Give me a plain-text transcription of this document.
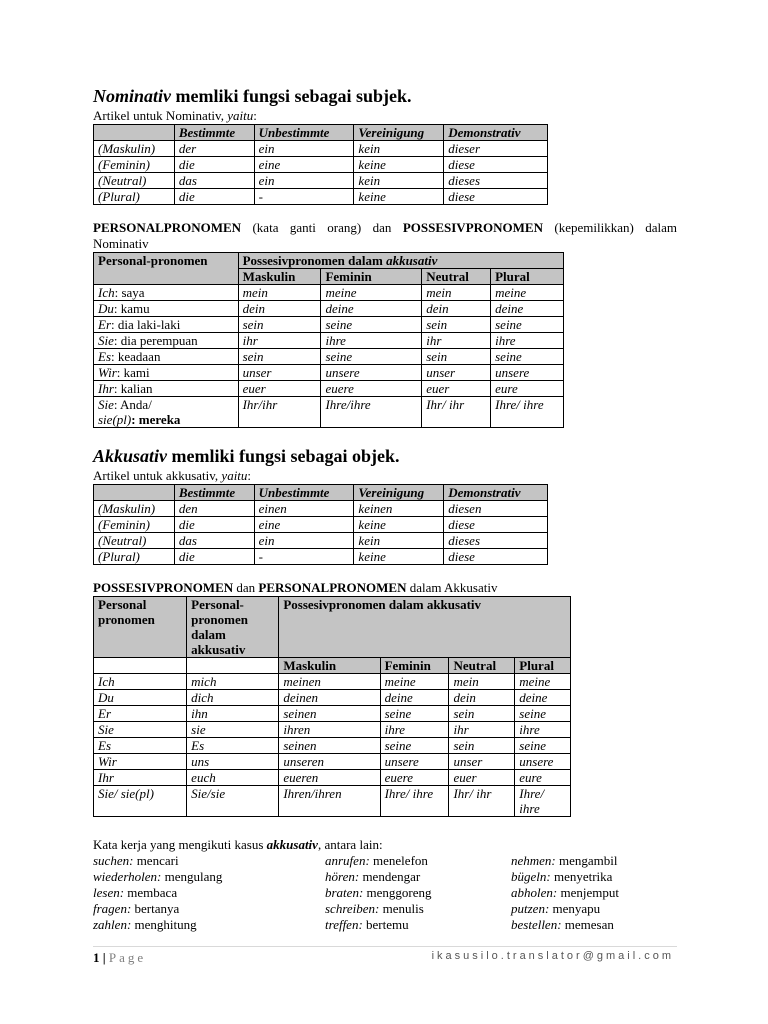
Nominativ memliki fungsi sebagai subjek.
Artikel untuk Nominativ, yaitu:
	Bestimmte	Unbestimmte	Vereinigung	Demonstrativ
(Maskulin)	der	ein	kein	dieser
(Feminin)	die	eine	keine	diese
(Neutral)	das	ein	kein	dieses
(Plural)	die	-	keine	diese
PERSONALPRONOMEN (kata ganti orang) dan POSSESIVPRONOMEN (kepemilikkan) dalam Nominativ
Personal-pronomen	Possesivpronomen dalam akkusativ			
	Maskulin	Feminin	Neutral	Plural
Ich: saya	mein	meine	mein	meine
Du: kamu	dein	deine	dein	deine
Er: dia laki-laki	sein	seine	sein	seine
Sie: dia perempuan	ihr	ihre	ihr	ihre
Es: keadaan	sein	seine	sein	seine
Wir: kami	unser	unsere	unser	unsere
Ihr: kalian	euer	euere	euer	eure
Sie: Anda/
sie(pl): mereka	Ihr/ihr	Ihre/ihre	Ihr/ ihr	Ihre/ ihre
Akkusativ memliki fungsi sebagai objek.
Artikel untuk akkusativ, yaitu:
	Bestimmte	Unbestimmte	Vereinigung	Demonstrativ
(Maskulin)	den	einen	keinen	diesen
(Feminin)	die	eine	keine	diese
(Neutral)	das	ein	kein	dieses
(Plural)	die	-	keine	diese
POSSESIVPRONOMEN dan PERSONALPRONOMEN dalam Akkusativ
Personal pronomen	Personal-pronomen dalam akkusativ	Possesivpronomen dalam akkusativ			
		Maskulin	Feminin	Neutral	Plural
Ich	mich	meinen	meine	mein	meine
Du	dich	deinen	deine	dein	deine
Er	ihn	seinen	seine	sein	seine
Sie	sie	ihren	ihre	ihr	ihre
Es	Es	seinen	seine	sein	seine
Wir	uns	unseren	unsere	unser	unsere
Ihr	euch	eueren	euere	euer	eure
Sie/ sie(pl)	Sie/sie	Ihren/ihren	Ihre/ ihre	Ihr/ ihr	Ihre/ ihre
Kata kerja yang mengikuti kasus akkusativ, antara lain:
suchen: mencari
wiederholen: mengulang
lesen: membaca
fragen: bertanya
zahlen: menghitung
anrufen: menelefon
hören: mendengar
braten: menggoreng
schreiben: menulis
treffen: bertemu
nehmen: mengambil
bügeln: menyetrika
abholen: menjemput
putzen: menyapu
bestellen: memesan
1 | Page	ikasusilo.translator@gmail.com
